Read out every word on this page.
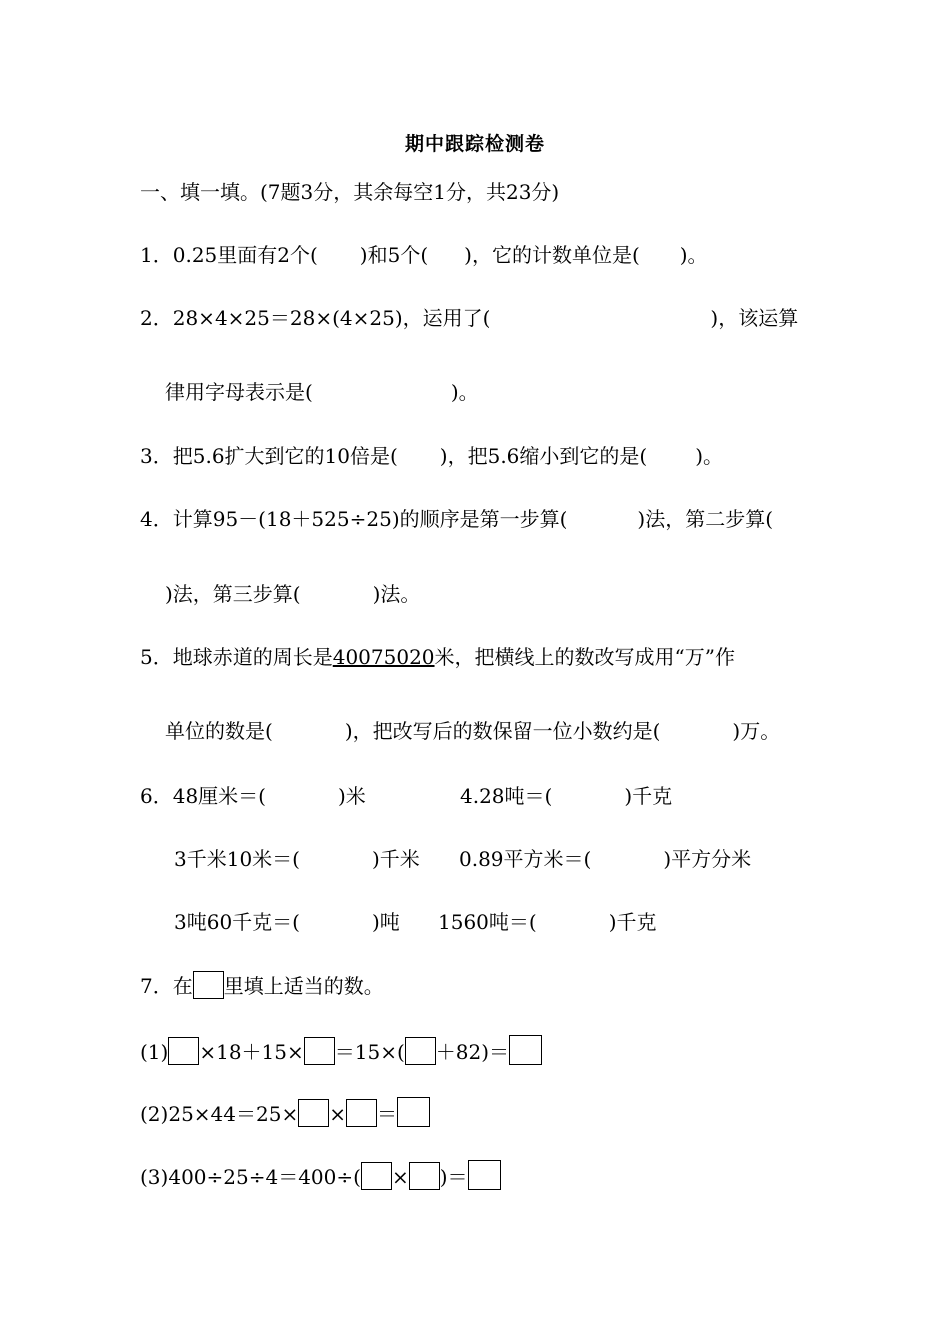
期中跟踪检测卷
一、填一填。(7题3分，其余每空1分，共23分)
1．0.25里面有2个( )和5个( )，它的计数单位是( )。
2．28×4×25＝28×(4×25)，运用了(	)，该运算
律用字母表示是(	)。
3．把5.6扩大到它的10倍是( )，把5.6缩小到它的是( )。
4．计算95－(18＋525÷25)的顺序是第一步算(	)法，第二步算(
)法，第三步算(	)法。
5．地球赤道的周长是40075020米，把横线上的数改写成用“万”作
单位的数是(	)，把改写后的数保留一位小数约是(	)万。
6．48厘米＝(	)米	4.28吨＝(	)千克
3千米10米＝(	)千米 0.89平方米＝(	)平方分米
3吨60千克＝(	)吨 1560吨＝(	)千克
7．在 里填上适当的数。
(1) ×18＋15× ＝15×( ＋82)＝
(2)25×44＝25× × ＝
(3)400÷25÷4＝400÷( × )＝
